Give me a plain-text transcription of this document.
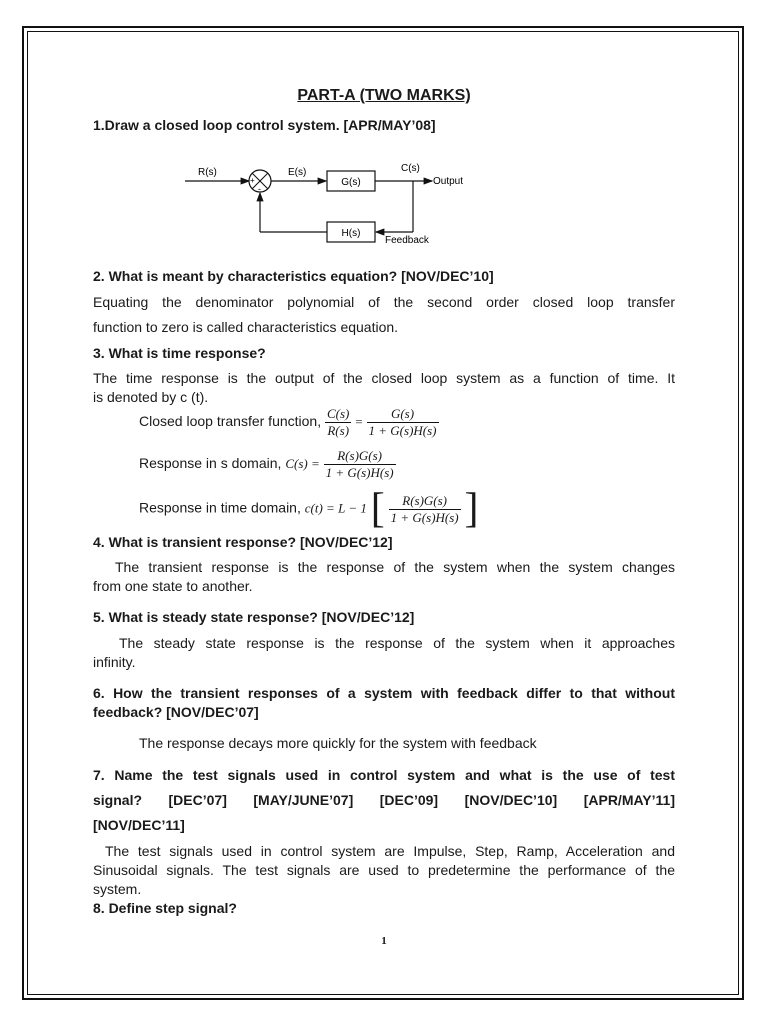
PART-A (TWO MARKS)
1.Draw a closed loop control system. [APR/MAY’08]
+
-
G(s)
H(s)
R(s)	E(s)	C(s)
Output
Feedback
2. What is meant by characteristics equation? [NOV/DEC’10]
Equating the denominator polynomial of the second order closed loop transfer
function to zero is called characteristics equation.
3. What is time response?
The time response is the output of the closed loop system as a function of time. It
is denoted by c (t).
Closed loop transfer function, $\frac{C(s)}{R(s)} = \frac{G(s)}{1 + G(s)H(s)}$
Response in s domain, $C(s) = \frac{R(s)G(s)}{1 + G(s)H(s)}$
Response in time domain, c(t) = L − 1 [ $\frac{R(s)G(s)}{1 + G(s)H(s)}$ ]
4. What is transient response? [NOV/DEC’12]
The transient response is the response of the system when the system changes
from one state to another.
5. What is steady state response? [NOV/DEC’12]
The steady state response is the response of the system when it approaches
infinity.
6. How the transient responses of a system with feedback differ to that without
feedback? [NOV/DEC’07]
The response decays more quickly for the system with feedback
7. Name the test signals used in control system and what is the use of test
signal? [DEC’07] [MAY/JUNE’07] [DEC’09] [NOV/DEC’10] [APR/MAY’11]
[NOV/DEC’11]
The test signals used in control system are Impulse, Step, Ramp, Acceleration and
Sinusoidal signals. The test signals are used to predetermine the performance of the
system.
8. Define step signal?
1
